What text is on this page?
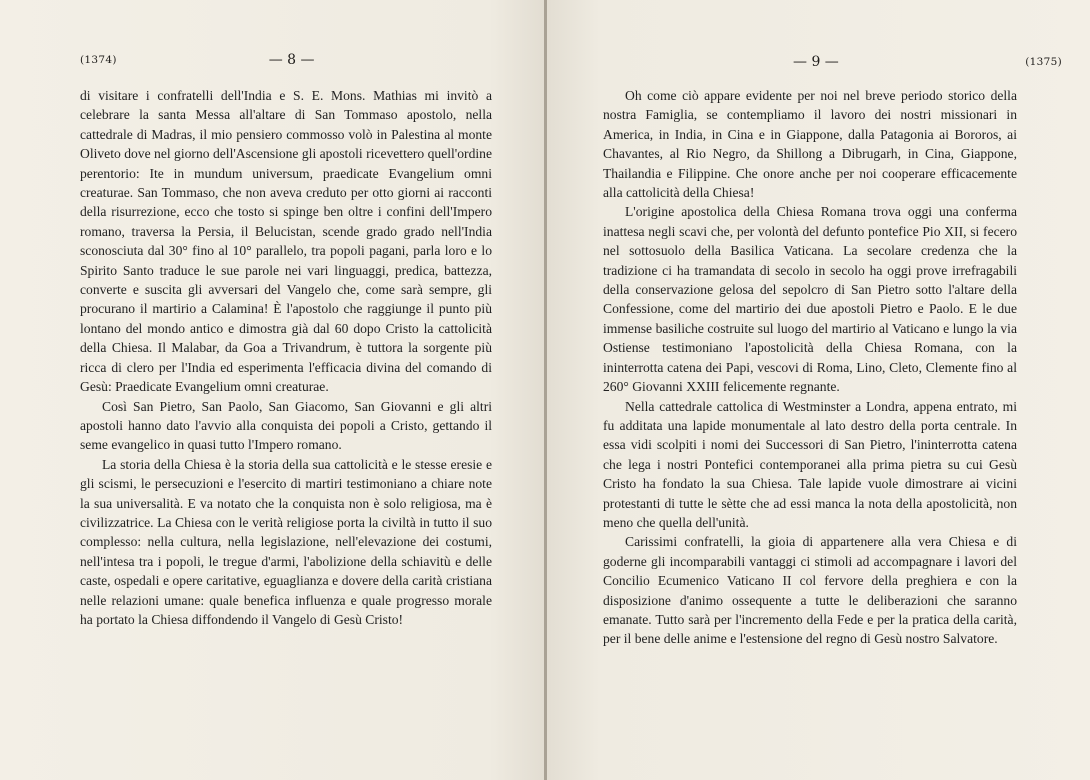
(1374)	— 8 —

di visitare i confratelli dell'India e S. E. Mons. Mathias mi invitò a celebrare la santa Messa all'altare di San Tommaso apostolo, nella cattedrale di Madras, il mio pensiero commosso volò in Palestina al monte Oliveto dove nel giorno dell'Ascensione gli apostoli ricevettero quell'ordine perentorio: Ite in mundum universum, praedicate Evangelium omni creaturae. San Tommaso, che non aveva creduto per otto giorni ai racconti della risurrezione, ecco che tosto si spinge ben oltre i confini dell'Impero romano, traversa la Persia, il Belucistan, scende grado grado nell'India sconosciuta dal 30° fino al 10° parallelo, tra popoli pagani, parla loro e lo Spirito Santo traduce le sue parole nei vari linguaggi, predica, battezza, converte e suscita gli avversari del Vangelo che, come sarà sempre, gli procurano il martirio a Calamina! È l'apostolo che raggiunge il punto più lontano del mondo antico e dimostra già dal 60 dopo Cristo la cattolicità della Chiesa. Il Malabar, da Goa a Trivandrum, è tuttora la sorgente più ricca di clero per l'India ed esperimenta l'efficacia divina del comando di Gesù: Praedicate Evangelium omni creaturae.

Così San Pietro, San Paolo, San Giacomo, San Giovanni e gli altri apostoli hanno dato l'avvio alla conquista dei popoli a Cristo, gettando il seme evangelico in quasi tutto l'Impero romano.

La storia della Chiesa è la storia della sua cattolicità e le stesse eresie e gli scismi, le persecuzioni e l'esercito di martiri testimoniano a chiare note la sua universalità. E va notato che la conquista non è solo religiosa, ma è civilizzatrice. La Chiesa con le verità religiose porta la civiltà in tutto il suo complesso: nella cultura, nella legislazione, nell'elevazione dei costumi, nell'intesa tra i popoli, le tregue d'armi, l'abolizione della schiavitù e delle caste, ospedali e opere caritative, eguaglianza e dovere della carità cristiana nelle relazioni umane: quale benefica influenza e quale progresso morale ha portato la Chiesa diffondendo il Vangelo di Gesù Cristo!

— 9 —	(1375)

Oh come ciò appare evidente per noi nel breve periodo storico della nostra Famiglia, se contempliamo il lavoro dei nostri missionari in America, in India, in Cina e in Giappone, dalla Patagonia ai Bororos, ai Chavantes, al Rio Negro, da Shillong a Dibrugarh, in Cina, Giappone, Thailandia e Filippine. Che onore anche per noi cooperare efficacemente alla cattolicità della Chiesa!

L'origine apostolica della Chiesa Romana trova oggi una conferma inattesa negli scavi che, per volontà del defunto pontefice Pio XII, si fecero nel sottosuolo della Basilica Vaticana. La secolare credenza che la tradizione ci ha tramandata di secolo in secolo ha oggi prove irrefragabili della conservazione gelosa del sepolcro di San Pietro sotto l'altare della Confessione, come del martirio dei due apostoli Pietro e Paolo. E le due immense basiliche costruite sul luogo del martirio al Vaticano e lungo la via Ostiense testimoniano l'apostolicità della Chiesa Romana, con la ininterrotta catena dei Papi, vescovi di Roma, Lino, Cleto, Clemente fino al 260° Giovanni XXIII felicemente regnante.

Nella cattedrale cattolica di Westminster a Londra, appena entrato, mi fu additata una lapide monumentale al lato destro della porta centrale. In essa vidi scolpiti i nomi dei Successori di San Pietro, l'ininterrotta catena che lega i nostri Pontefici contemporanei alla prima pietra su cui Gesù Cristo ha fondato la sua Chiesa. Tale lapide vuole dimostrare ai vicini protestanti di tutte le sètte che ad essi manca la nota della apostolicità, non meno che quella dell'unità.

Carissimi confratelli, la gioia di appartenere alla vera Chiesa e di goderne gli incomparabili vantaggi ci stimoli ad accompagnare i lavori del Concilio Ecumenico Vaticano II col fervore della preghiera e con la disposizione d'animo ossequente a tutte le deliberazioni che saranno emanate. Tutto sarà per l'incremento della Fede e per la pratica della carità, per il bene delle anime e l'estensione del regno di Gesù nostro Salvatore.
